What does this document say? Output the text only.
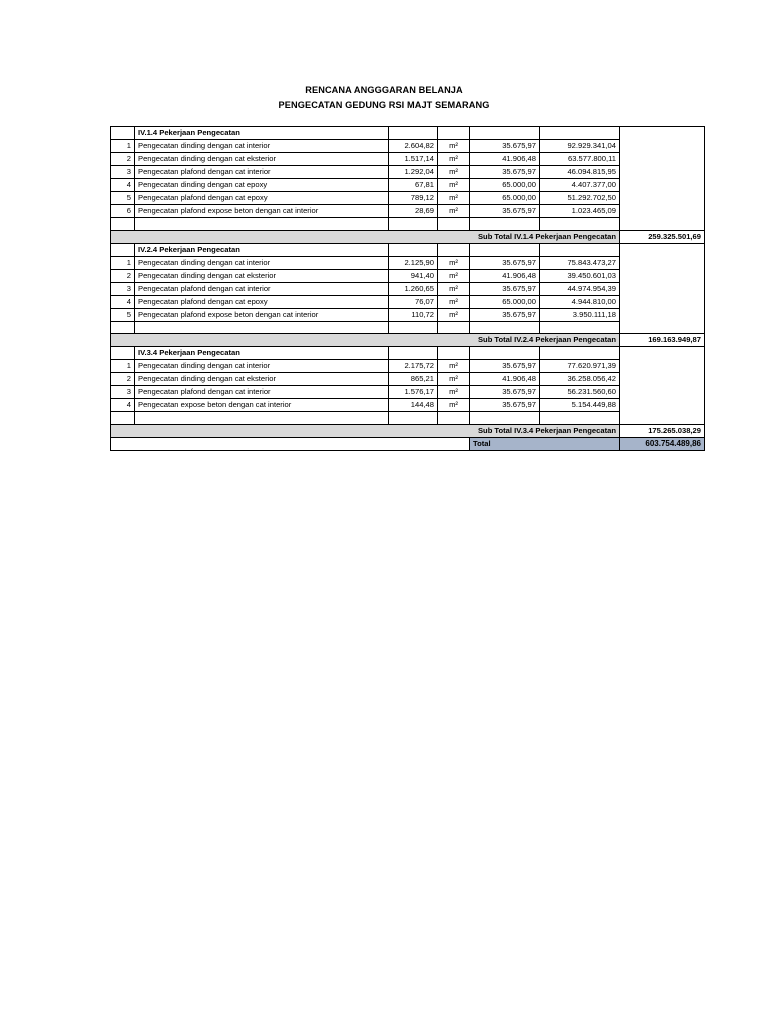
RENCANA ANGGGARAN BELANJA
PENGECATAN GEDUNG RSI MAJT SEMARANG
	IV.1.4 Pekerjaan Pengecatan					
1	Pengecatan dinding dengan cat interior	2.604,82	m²	35.675,97	92.929.341,04	
2	Pengecatan dinding dengan cat eksterior	1.517,14	m²	41.906,48	63.577.800,11	
3	Pengecatan plafond dengan cat interior	1.292,04	m²	35.675,97	46.094.815,95	
4	Pengecatan dinding dengan cat epoxy	67,81	m²	65.000,00	4.407.377,00	
5	Pengecatan plafond dengan cat epoxy	789,12	m²	65.000,00	51.292.702,50	
6	Pengecatan plafond expose beton dengan cat interior	28,69	m²	35.675,97	1.023.465,09	

Sub Total IV.1.4 Pekerjaan Pengecatan						259.325.501,69
	IV.2.4 Pekerjaan Pengecatan					
1	Pengecatan dinding dengan cat interior	2.125,90	m²	35.675,97	75.843.473,27	
2	Pengecatan dinding dengan cat eksterior	941,40	m²	41.906,48	39.450.601,03	
3	Pengecatan plafond dengan cat interior	1.260,65	m²	35.675,97	44.974.954,39	
4	Pengecatan plafond dengan cat epoxy	76,07	m²	65.000,00	4.944.810,00	
5	Pengecatan plafond expose beton dengan cat interior	110,72	m²	35.675,97	3.950.111,18	

Sub Total IV.2.4 Pekerjaan Pengecatan						169.163.949,87
	IV.3.4 Pekerjaan Pengecatan					
1	Pengecatan dinding dengan cat interior	2.175,72	m²	35.675,97	77.620.971,39	
2	Pengecatan dinding dengan cat eksterior	865,21	m²	41.906,48	36.258.056,42	
3	Pengecatan plafond dengan cat interior	1.576,17	m²	35.675,97	56.231.560,60	
4	Pengecatan expose beton dengan cat interior	144,48	m²	35.675,97	5.154.449,88	

Sub Total IV.3.4 Pekerjaan Pengecatan						175.265.038,29
				Total		603.754.489,86
